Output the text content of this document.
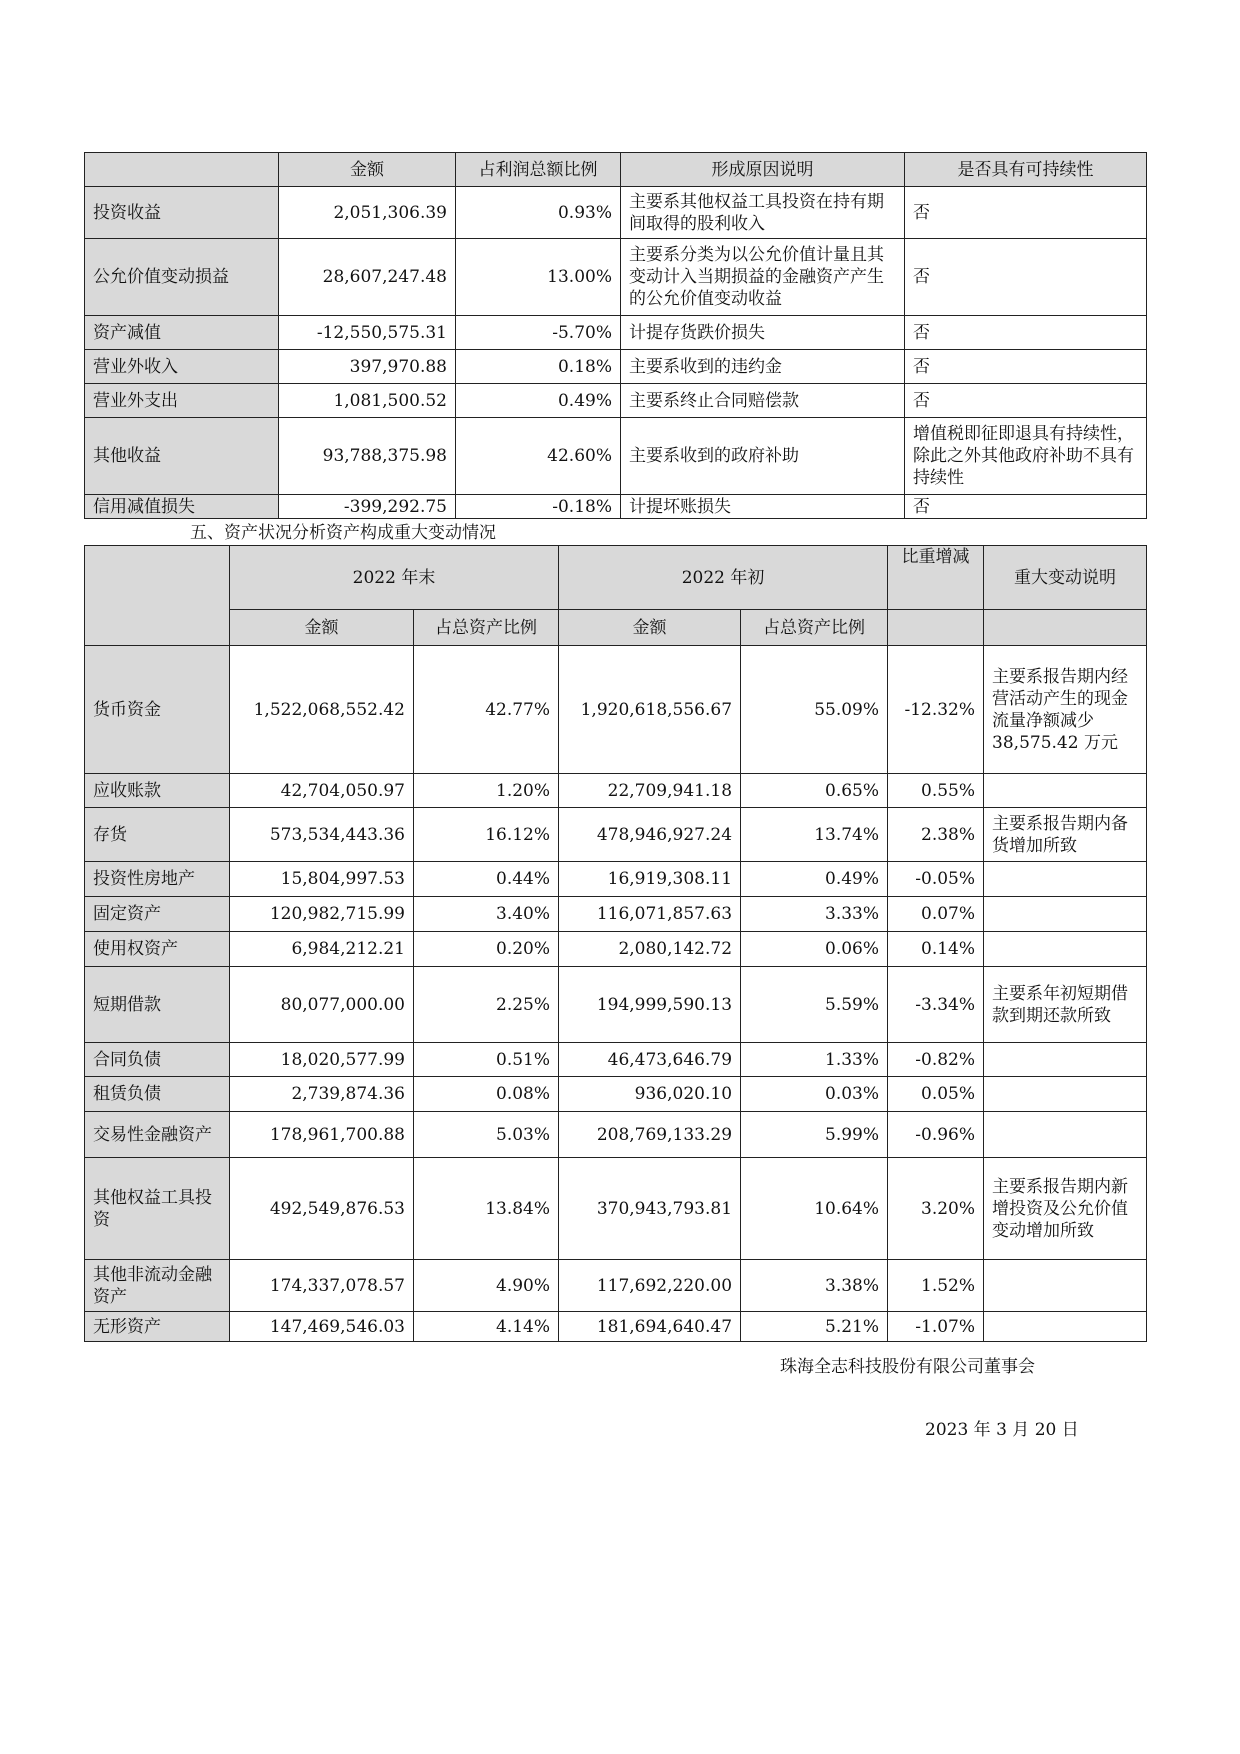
	金额	占利润总额比例	形成原因说明	是否具有可持续性
投资收益	2,051,306.39	0.93%	主要系其他权益工具投资在持有期间取得的股利收入	否
公允价值变动损益	28,607,247.48	13.00%	主要系分类为以公允价值计量且其变动计入当期损益的金融资产产生的公允价值变动收益	否
资产减值	-12,550,575.31	-5.70%	计提存货跌价损失	否
营业外收入	397,970.88	0.18%	主要系收到的违约金	否
营业外支出	1,081,500.52	0.49%	主要系终止合同赔偿款	否
其他收益	93,788,375.98	42.60%	主要系收到的政府补助	增值税即征即退具有持续性，除此之外其他政府补助不具有持续性
信用减值损失	-399,292.75	-0.18%	计提坏账损失	否
五、资产状况分析资产构成重大变动情况
	2022 年末		2022 年初		比重增减	重大变动说明
	金额	占总资产比例	金额	占总资产比例		
货币资金	1,522,068,552.42	42.77%	1,920,618,556.67	55.09%	-12.32%	主要系报告期内经营活动产生的现金流量净额减少 38,575.42 万元
应收账款	42,704,050.97	1.20%	22,709,941.18	0.65%	0.55%	
存货	573,534,443.36	16.12%	478,946,927.24	13.74%	2.38%	主要系报告期内备货增加所致
投资性房地产	15,804,997.53	0.44%	16,919,308.11	0.49%	-0.05%	
固定资产	120,982,715.99	3.40%	116,071,857.63	3.33%	0.07%	
使用权资产	6,984,212.21	0.20%	2,080,142.72	0.06%	0.14%	
短期借款	80,077,000.00	2.25%	194,999,590.13	5.59%	-3.34%	主要系年初短期借款到期还款所致
合同负债	18,020,577.99	0.51%	46,473,646.79	1.33%	-0.82%	
租赁负债	2,739,874.36	0.08%	936,020.10	0.03%	0.05%	
交易性金融资产	178,961,700.88	5.03%	208,769,133.29	5.99%	-0.96%	
其他权益工具投资	492,549,876.53	13.84%	370,943,793.81	10.64%	3.20%	主要系报告期内新增投资及公允价值变动增加所致
其他非流动金融资产	174,337,078.57	4.90%	117,692,220.00	3.38%	1.52%	
无形资产	147,469,546.03	4.14%	181,694,640.47	5.21%	-1.07%	
珠海全志科技股份有限公司董事会
2023 年 3 月 20 日
